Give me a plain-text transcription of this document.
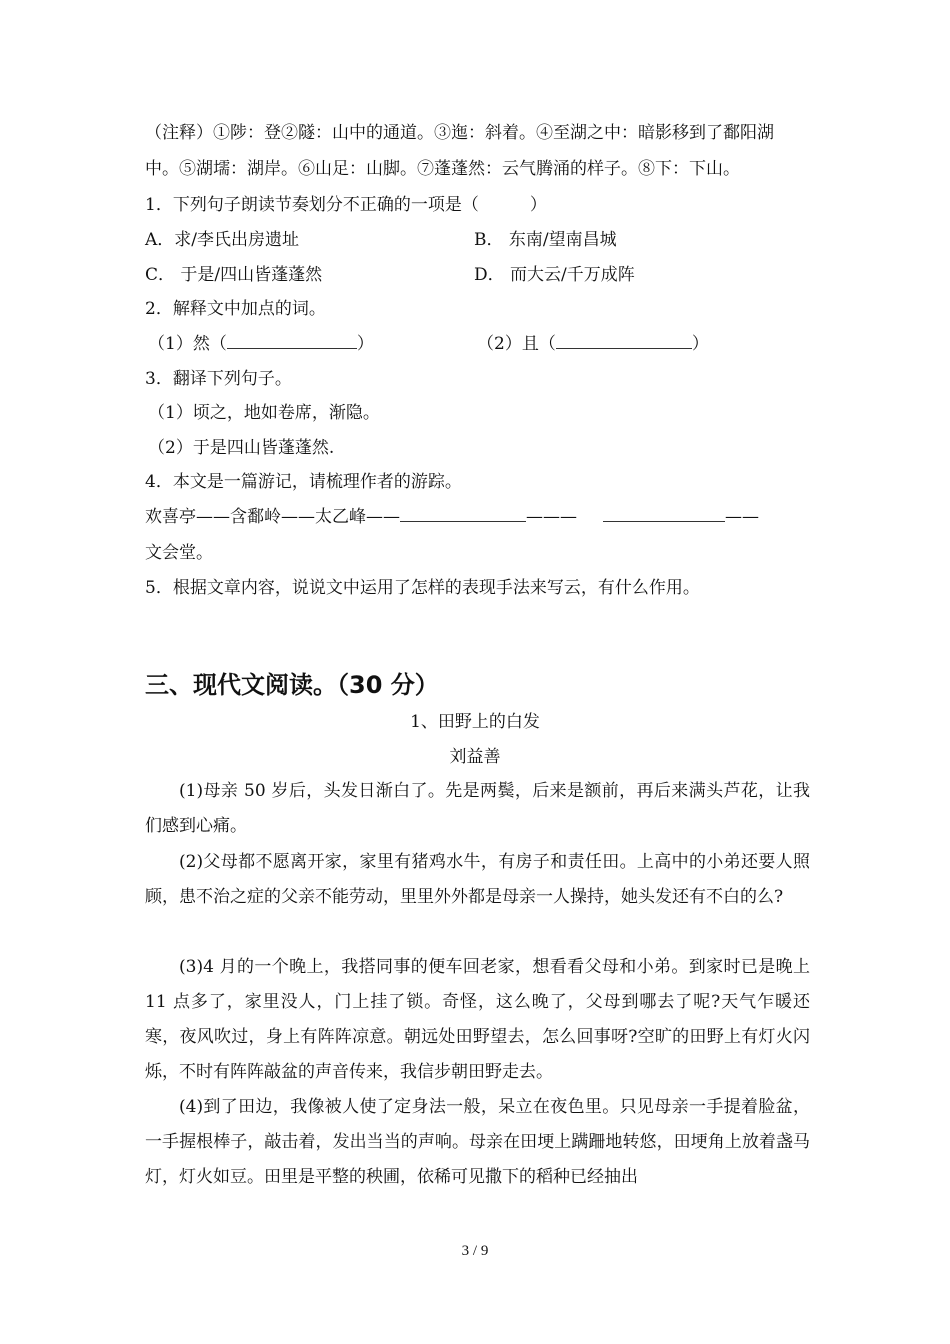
（注释）①陟：登②隧：山中的通道。③迤：斜着。④至湖之中：暗影移到了鄱阳湖
中。⑤湖壖：湖岸。⑥山足：山脚。⑦蓬蓬然：云气腾涌的样子。⑧下：下山。
1．下列句子朗读节奏划分不正确的一项是（　　　）
A．求/李氏出房遗址	B． 东南/望南昌城
C． 于是/四山皆蓬蓬然	D． 而大云/千万成阵
2．解释文中加点的词。
（1）然（	）	（2）且（	）
3．翻译下列句子。
（1）顷之，地如卷席，渐隐。
（2）于是四山皆蓬蓬然.
4．本文是一篇游记，请梳理作者的游踪。
欢喜亭——含鄱岭——太乙峰——	———	——
文会堂。
5．根据文章内容，说说文中运用了怎样的表现手法来写云，有什么作用。
三、现代文阅读。（30 分）
1、田野上的白发
刘益善
(1)母亲 50 岁后，头发日渐白了。先是两鬓，后来是额前，再后来满头芦花，让我们感到心痛。
(2)父母都不愿离开家，家里有猪鸡水牛，有房子和责任田。上高中的小弟还要人照顾，患不治之症的父亲不能劳动，里里外外都是母亲一人操持，她头发还有不白的么?
(3)4 月的一个晚上，我搭同事的便车回老家，想看看父母和小弟。到家时已是晚上 11 点多了，家里没人，门上挂了锁。奇怪，这么晚了，父母到哪去了呢?天气乍暖还寒，夜风吹过，身上有阵阵凉意。朝远处田野望去，怎么回事呀?空旷的田野上有灯火闪烁，不时有阵阵敲盆的声音传来，我信步朝田野走去。
(4)到了田边，我像被人使了定身法一般，呆立在夜色里。只见母亲一手提着脸盆，一手握根棒子，敲击着，发出当当的声响。母亲在田埂上蹒跚地转悠，田埂角上放着盏马灯，灯火如豆。田里是平整的秧圃，依稀可见撒下的稻种已经抽出
3 / 9
